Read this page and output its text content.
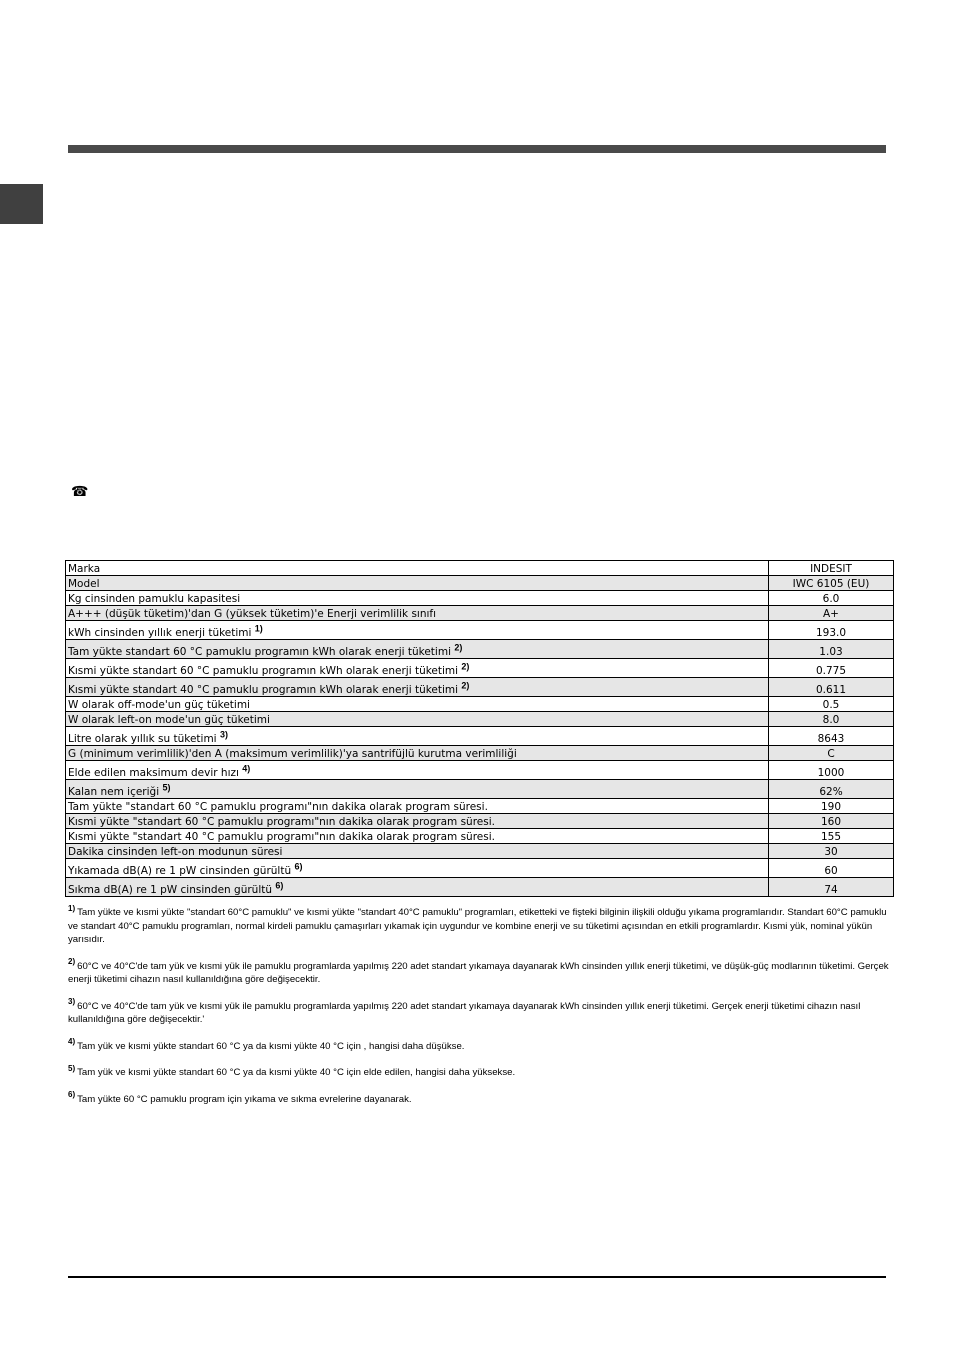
☎
Marka	INDESIT
Model	IWC 6105 (EU)
Kg cinsinden pamuklu kapasitesi	6.0
A+++ (düşük tüketim)'dan G (yüksek tüketim)'e Enerji verimlilik sınıfı	A+
kWh cinsinden yıllık enerji tüketimi $^{1)}$	193.0
Tam yükte standart 60 °C pamuklu programın kWh olarak enerji tüketimi $^{2)}$	1.03
Kısmi yükte standart 60 °C pamuklu programın kWh olarak enerji tüketimi $^{2)}$	0.775
Kısmi yükte standart 40 °C pamuklu programın kWh olarak enerji tüketimi $^{2)}$	0.611
W olarak off-mode'un güç tüketimi	0.5
W olarak left-on mode'un güç tüketimi	8.0
Litre olarak yıllık su tüketimi $^{3)}$	8643
G (minimum verimlilik)'den A (maksimum verimlilik)'ya santrifüjlü kurutma verimliliği	C
Elde edilen maksimum devir hızı $^{4)}$	1000
Kalan nem içeriği $^{5)}$	62%
Tam yükte "standart 60 °C pamuklu programı"nın dakika olarak program süresi.	190
Kısmi yükte "standart 60 °C pamuklu programı"nın dakika olarak program süresi.	160
Kısmi yükte "standart 40 °C pamuklu programı"nın dakika olarak program süresi.	155
Dakika cinsinden left-on modunun süresi	30
Yıkamada dB(A) re 1 pW cinsinden gürültü $^{6)}$	60
Sıkma dB(A) re 1 pW cinsinden gürültü $^{6)}$	74
$^{1)}$ Tam yükte ve kısmi yükte "standart 60°C pamuklu" ve kısmi yükte "standart 40°C pamuklu" programları, etiketteki ve fişteki bilginin ilişkili olduğu yıkama programlarıdır. Standart 60°C pamuklu ve standart 40°C pamuklu programları, normal kirdeli pamuklu çamaşırları yıkamak için uygundur ve kombine enerji ve su tüketimi açısından en etkili programlardır. Kısmi yük, nominal yükün yarısıdır.
$^{2)}$ 60°C ve 40°C'de tam yük ve kısmi yük ile pamuklu programlarda yapılmış 220 adet standart yıkamaya dayanarak kWh cinsinden yıllık enerji tüketimi, ve düşük-güç modlarının tüketimi. Gerçek enerji tüketimi cihazın nasıl kullanıldığına göre değişecektir.
$^{3)}$ 60°C ve 40°C'de tam yük ve kısmi yük ile pamuklu programlarda yapılmış 220 adet standart yıkamaya dayanarak kWh cinsinden yıllık enerji tüketimi. Gerçek enerji tüketimi cihazın nasıl kullanıldığına göre değişecektir.'
$^{4)}$ Tam yük ve kısmi yükte standart 60 °C ya da kısmi yükte 40 °C için , hangisi daha düşükse.
$^{5)}$ Tam yük ve kısmi yükte standart 60 °C ya da kısmi yükte 40 °C için elde edilen, hangisi daha yüksekse.
$^{6)}$ Tam yükte 60 °C pamuklu program için yıkama ve sıkma evrelerine dayanarak.
